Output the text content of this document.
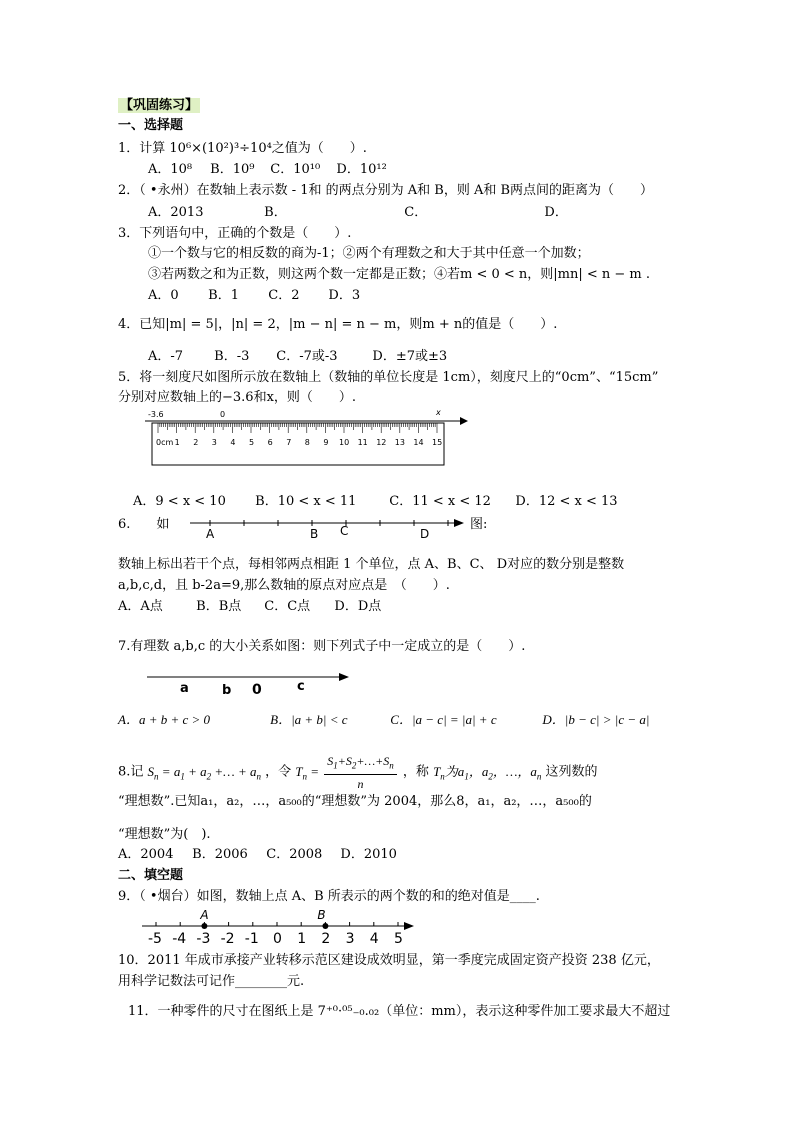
【巩固练习】
一、选择题
1．计算 10⁶×(10²)³÷10⁴之值为（　　）.
A．10⁸ B．10⁹ C．10¹⁰ D．10¹²
2．（ •永州）在数轴上表示数 - 1和 的两点分别为 A和 B，则 A和 B两点间的距离为（　　）
A．2013	B．	C．	D．
3．下列语句中，正确的个数是（　　）.
①一个数与它的相反数的商为-1；②两个有理数之和大于其中任意一个加数；
③若两数之和为正数，则这两个数一定都是正数；④若m < 0 < n，则|mn| < n − m .
A．0 B．1 C．2 D．3
4．已知|m| = 5|，|n| = 2，|m − n| = n − m，则m + n的值是（　　）.
A．-7 B．-3 C．-7或-3	D．±7或±3
5．将一刻度尺如图所示放在数轴上（数轴的单位长度是 1cm），刻度尺上的“0cm”、“15cm”
分别对应数轴上的−3.6和x，则（　　）.
-3.6	0	x
0cm 1 2 3 4 5 6 7 8 9 10 11 12 13 14 15
A．9 < x < 10 B．10 < x < 11	C．11 < x < 12 D．12 < x < 13
6.　　如
A	B C	D
图:
数轴上标出若干个点，每相邻两点相距 1 个单位，点 A、B、C、 D对应的数分别是整数
a,b,c,d，且 b-2a=9,那么数轴的原点对应点是　（　　）.
A．A点	B．B点 C．C点 D．D点
7.有理数 a,b,c 的大小关系如图：则下列式子中一定成立的是（　　）.
a	b 0	c
A．a + b + c > 0	B．|a + b| < c	C．|a − c| = |a| + c	D．|b − c| > |c − a|
8.记 $S_n = a_1 + a_2$ +… + $a_n$ ，令 $T_n = \frac{S_1+S_2+\dots+S_n}{n}$ ，称 $T_n$为$a_1$，$a_2$，…，$a_n$ 这列数的
“理想数”.已知a₁，a₂，…，a₅₀₀的“理想数”为 2004，那么8，a₁，a₂，…，a₅₀₀的
“理想数”为(　).
A．2004 B．2006 C．2008 D．2010
二、填空题
9．（ •烟台）如图，数轴上点 A、B 所表示的两个数的和的绝对值是____.
-5 -4 -3 -2 -1 0 1 2 3 4 5
A	B
10．2011 年成市承接产业转移示范区建设成效明显，第一季度完成固定资产投资 238 亿元，
用科学记数法可记作________元.
11．一种零件的尺寸在图纸上是 7⁺⁰·⁰⁵₋₀.₀₂（单位：mm），表示这种零件加工要求最大不超过
